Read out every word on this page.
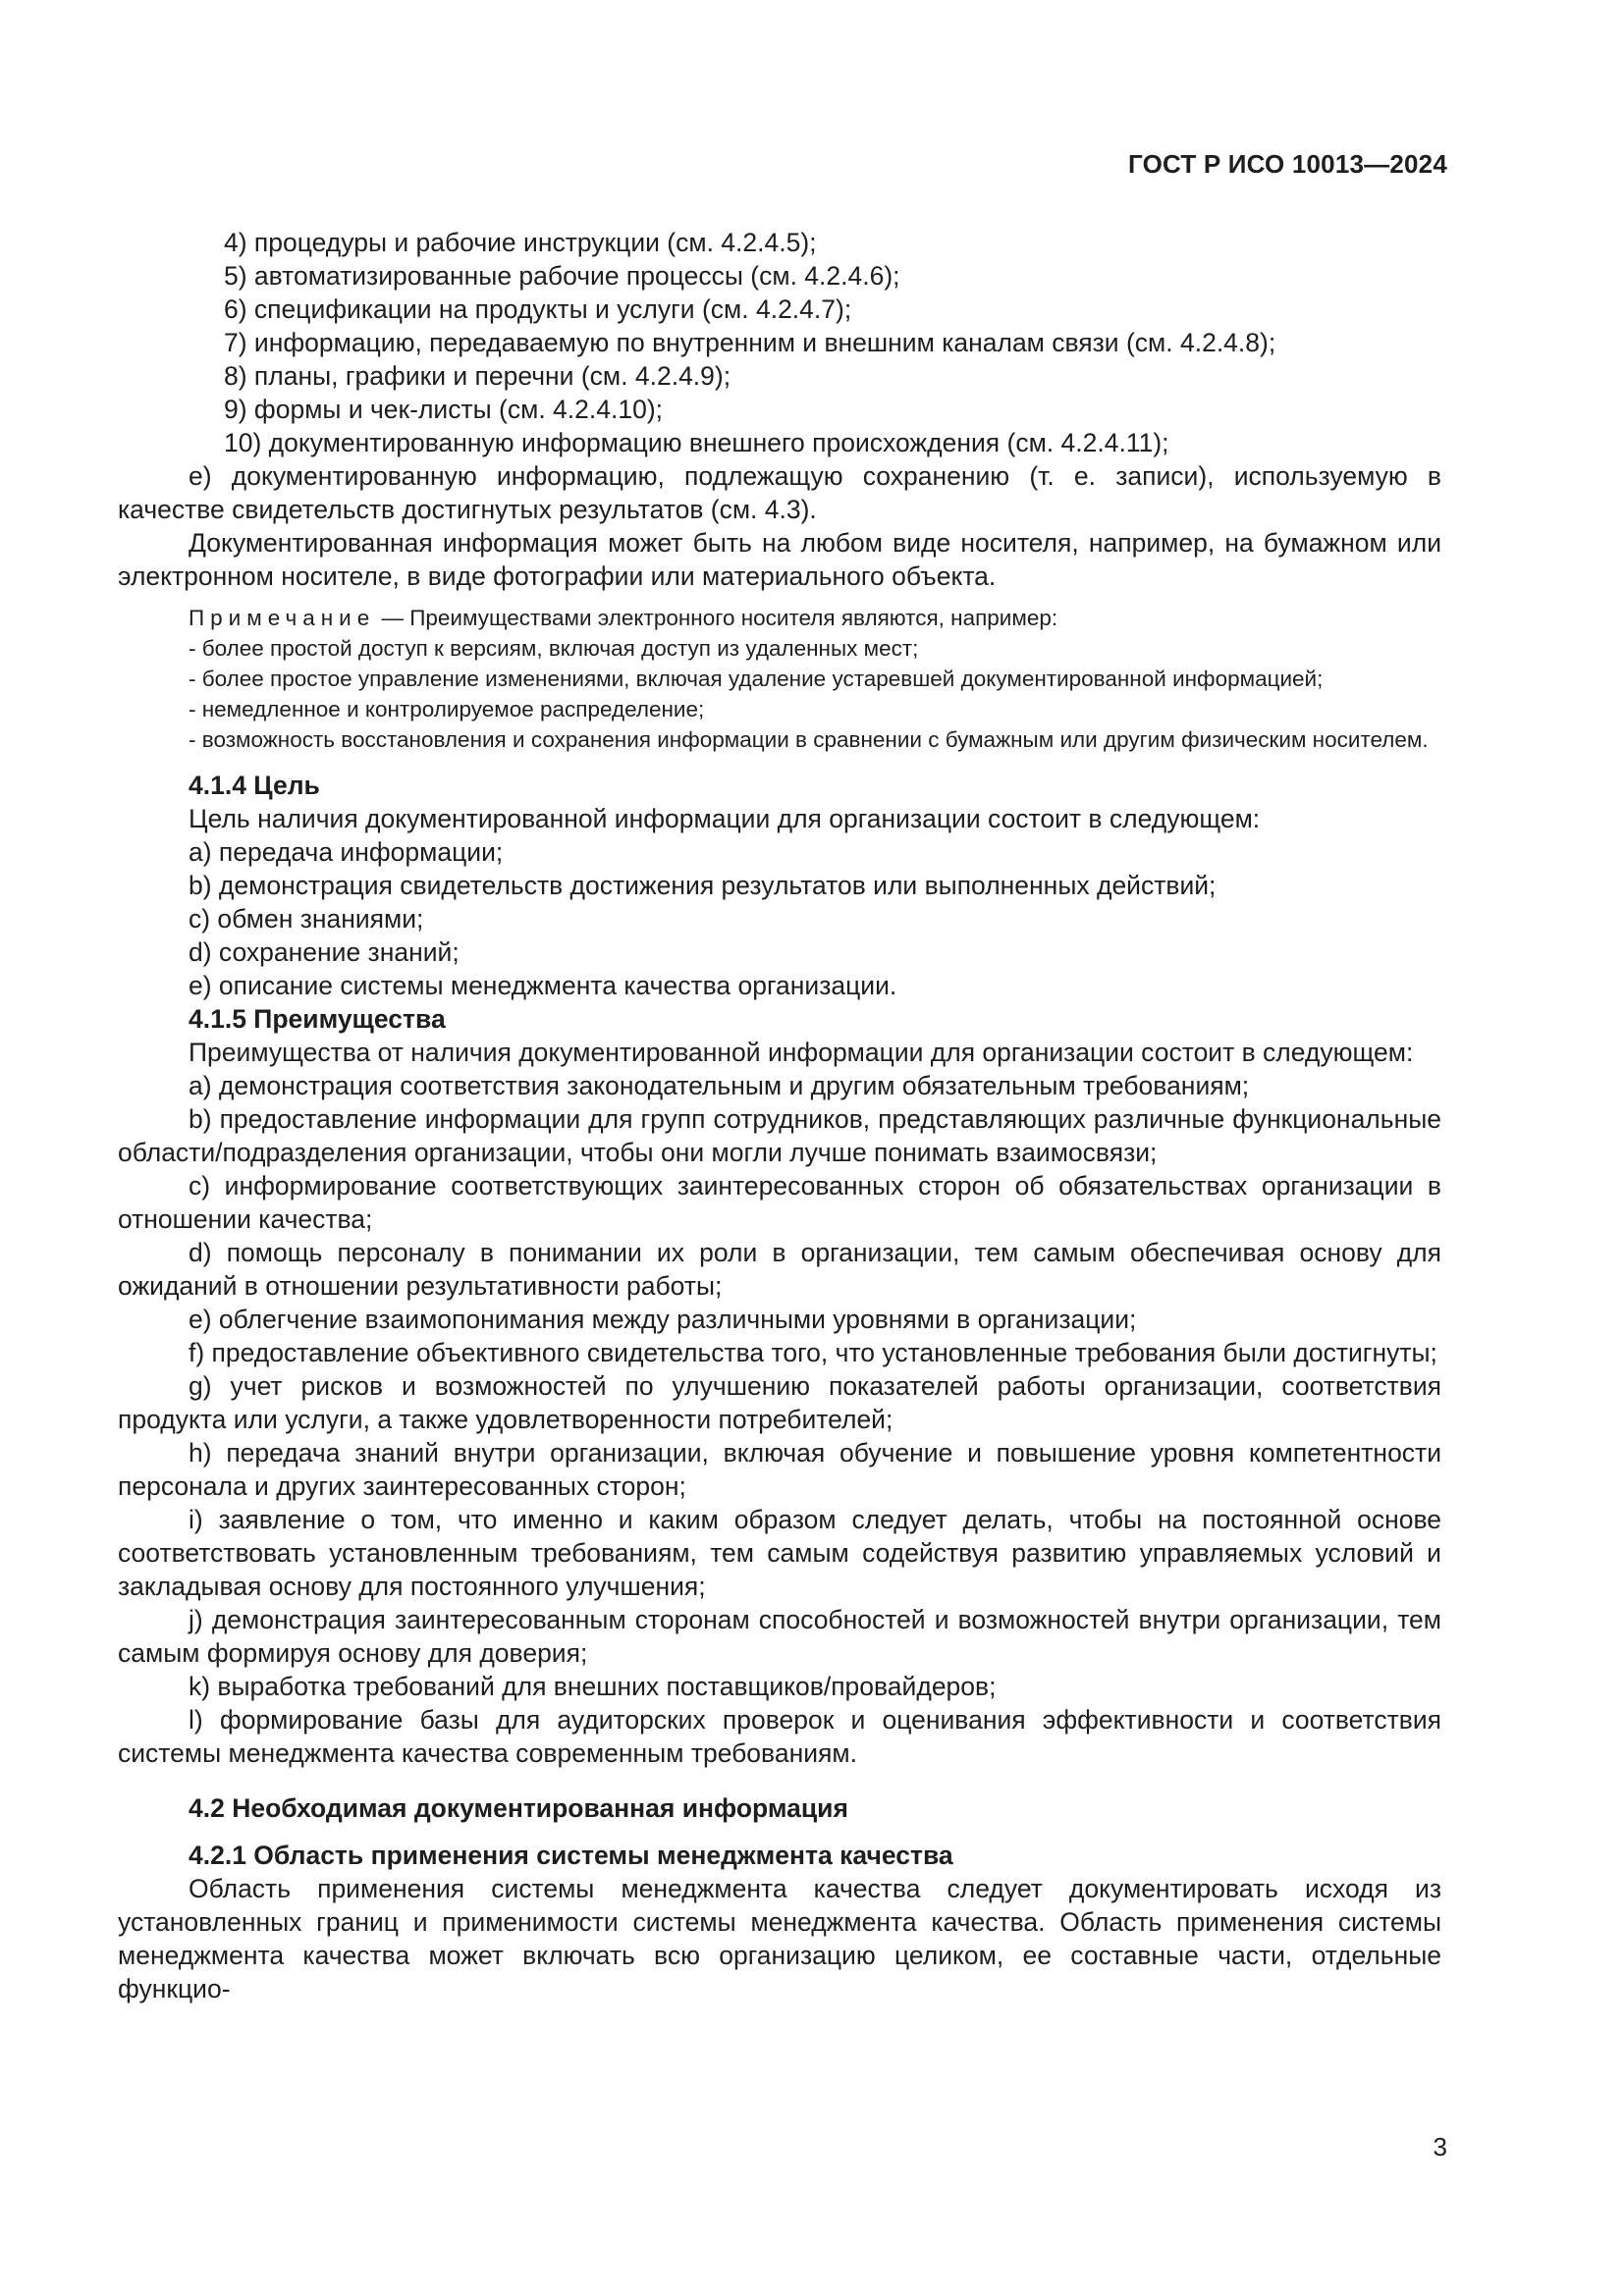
ГОСТ Р ИСО 10013—2024

4) процедуры и рабочие инструкции (см. 4.2.4.5);

5) автоматизированные рабочие процессы (см. 4.2.4.6);

6) спецификации на продукты и услуги (см. 4.2.4.7);

7) информацию, передаваемую по внутренним и внешним каналам связи (см. 4.2.4.8);

8) планы, графики и перечни (см. 4.2.4.9);

9) формы и чек-листы (см. 4.2.4.10);

10) документированную информацию внешнего происхождения (см. 4.2.4.11);

е) документированную информацию, подлежащую сохранению (т. е. записи), используемую в качестве свидетельств достигнутых результатов (см. 4.3).

Документированная информация может быть на любом виде носителя, например, на бумажном или электронном носителе, в виде фотографии или материального объекта.

Примечание — Преимуществами электронного носителя являются, например:

- более простой доступ к версиям, включая доступ из удаленных мест;

- более простое управление изменениями, включая удаление устаревшей документированной информацией;

- немедленное и контролируемое распределение;

- возможность восстановления и сохранения информации в сравнении с бумажным или другим физическим носителем.

4.1.4 Цель

Цель наличия документированной информации для организации состоит в следующем:

a) передача информации;

b) демонстрация свидетельств достижения результатов или выполненных действий;

c) обмен знаниями;

d) сохранение знаний;

e) описание системы менеджмента качества организации.

4.1.5 Преимущества

Преимущества от наличия документированной информации для организации состоит в следующем:

a) демонстрация соответствия законодательным и другим обязательным требованиям;

b) предоставление информации для групп сотрудников, представляющих различные функциональные области/подразделения организации, чтобы они могли лучше понимать взаимосвязи;

c) информирование соответствующих заинтересованных сторон об обязательствах организации в отношении качества;

d) помощь персоналу в понимании их роли в организации, тем самым обеспечивая основу для ожиданий в отношении результативности работы;

e) облегчение взаимопонимания между различными уровнями в организации;

f) предоставление объективного свидетельства того, что установленные требования были достигнуты;

g) учет рисков и возможностей по улучшению показателей работы организации, соответствия продукта или услуги, а также удовлетворенности потребителей;

h) передача знаний внутри организации, включая обучение и повышение уровня компетентности персонала и других заинтересованных сторон;

i) заявление о том, что именно и каким образом следует делать, чтобы на постоянной основе соответствовать установленным требованиям, тем самым содействуя развитию управляемых условий и закладывая основу для постоянного улучшения;

j) демонстрация заинтересованным сторонам способностей и возможностей внутри организации, тем самым формируя основу для доверия;

k) выработка требований для внешних поставщиков/провайдеров;

l) формирование базы для аудиторских проверок и оценивания эффективности и соответствия системы менеджмента качества современным требованиям.

4.2 Необходимая документированная информация

4.2.1 Область применения системы менеджмента качества

Область применения системы менеджмента качества следует документировать исходя из установленных границ и применимости системы менеджмента качества. Область применения системы менеджмента качества может включать всю организацию целиком, ее составные части, отдельные функцио-

3
